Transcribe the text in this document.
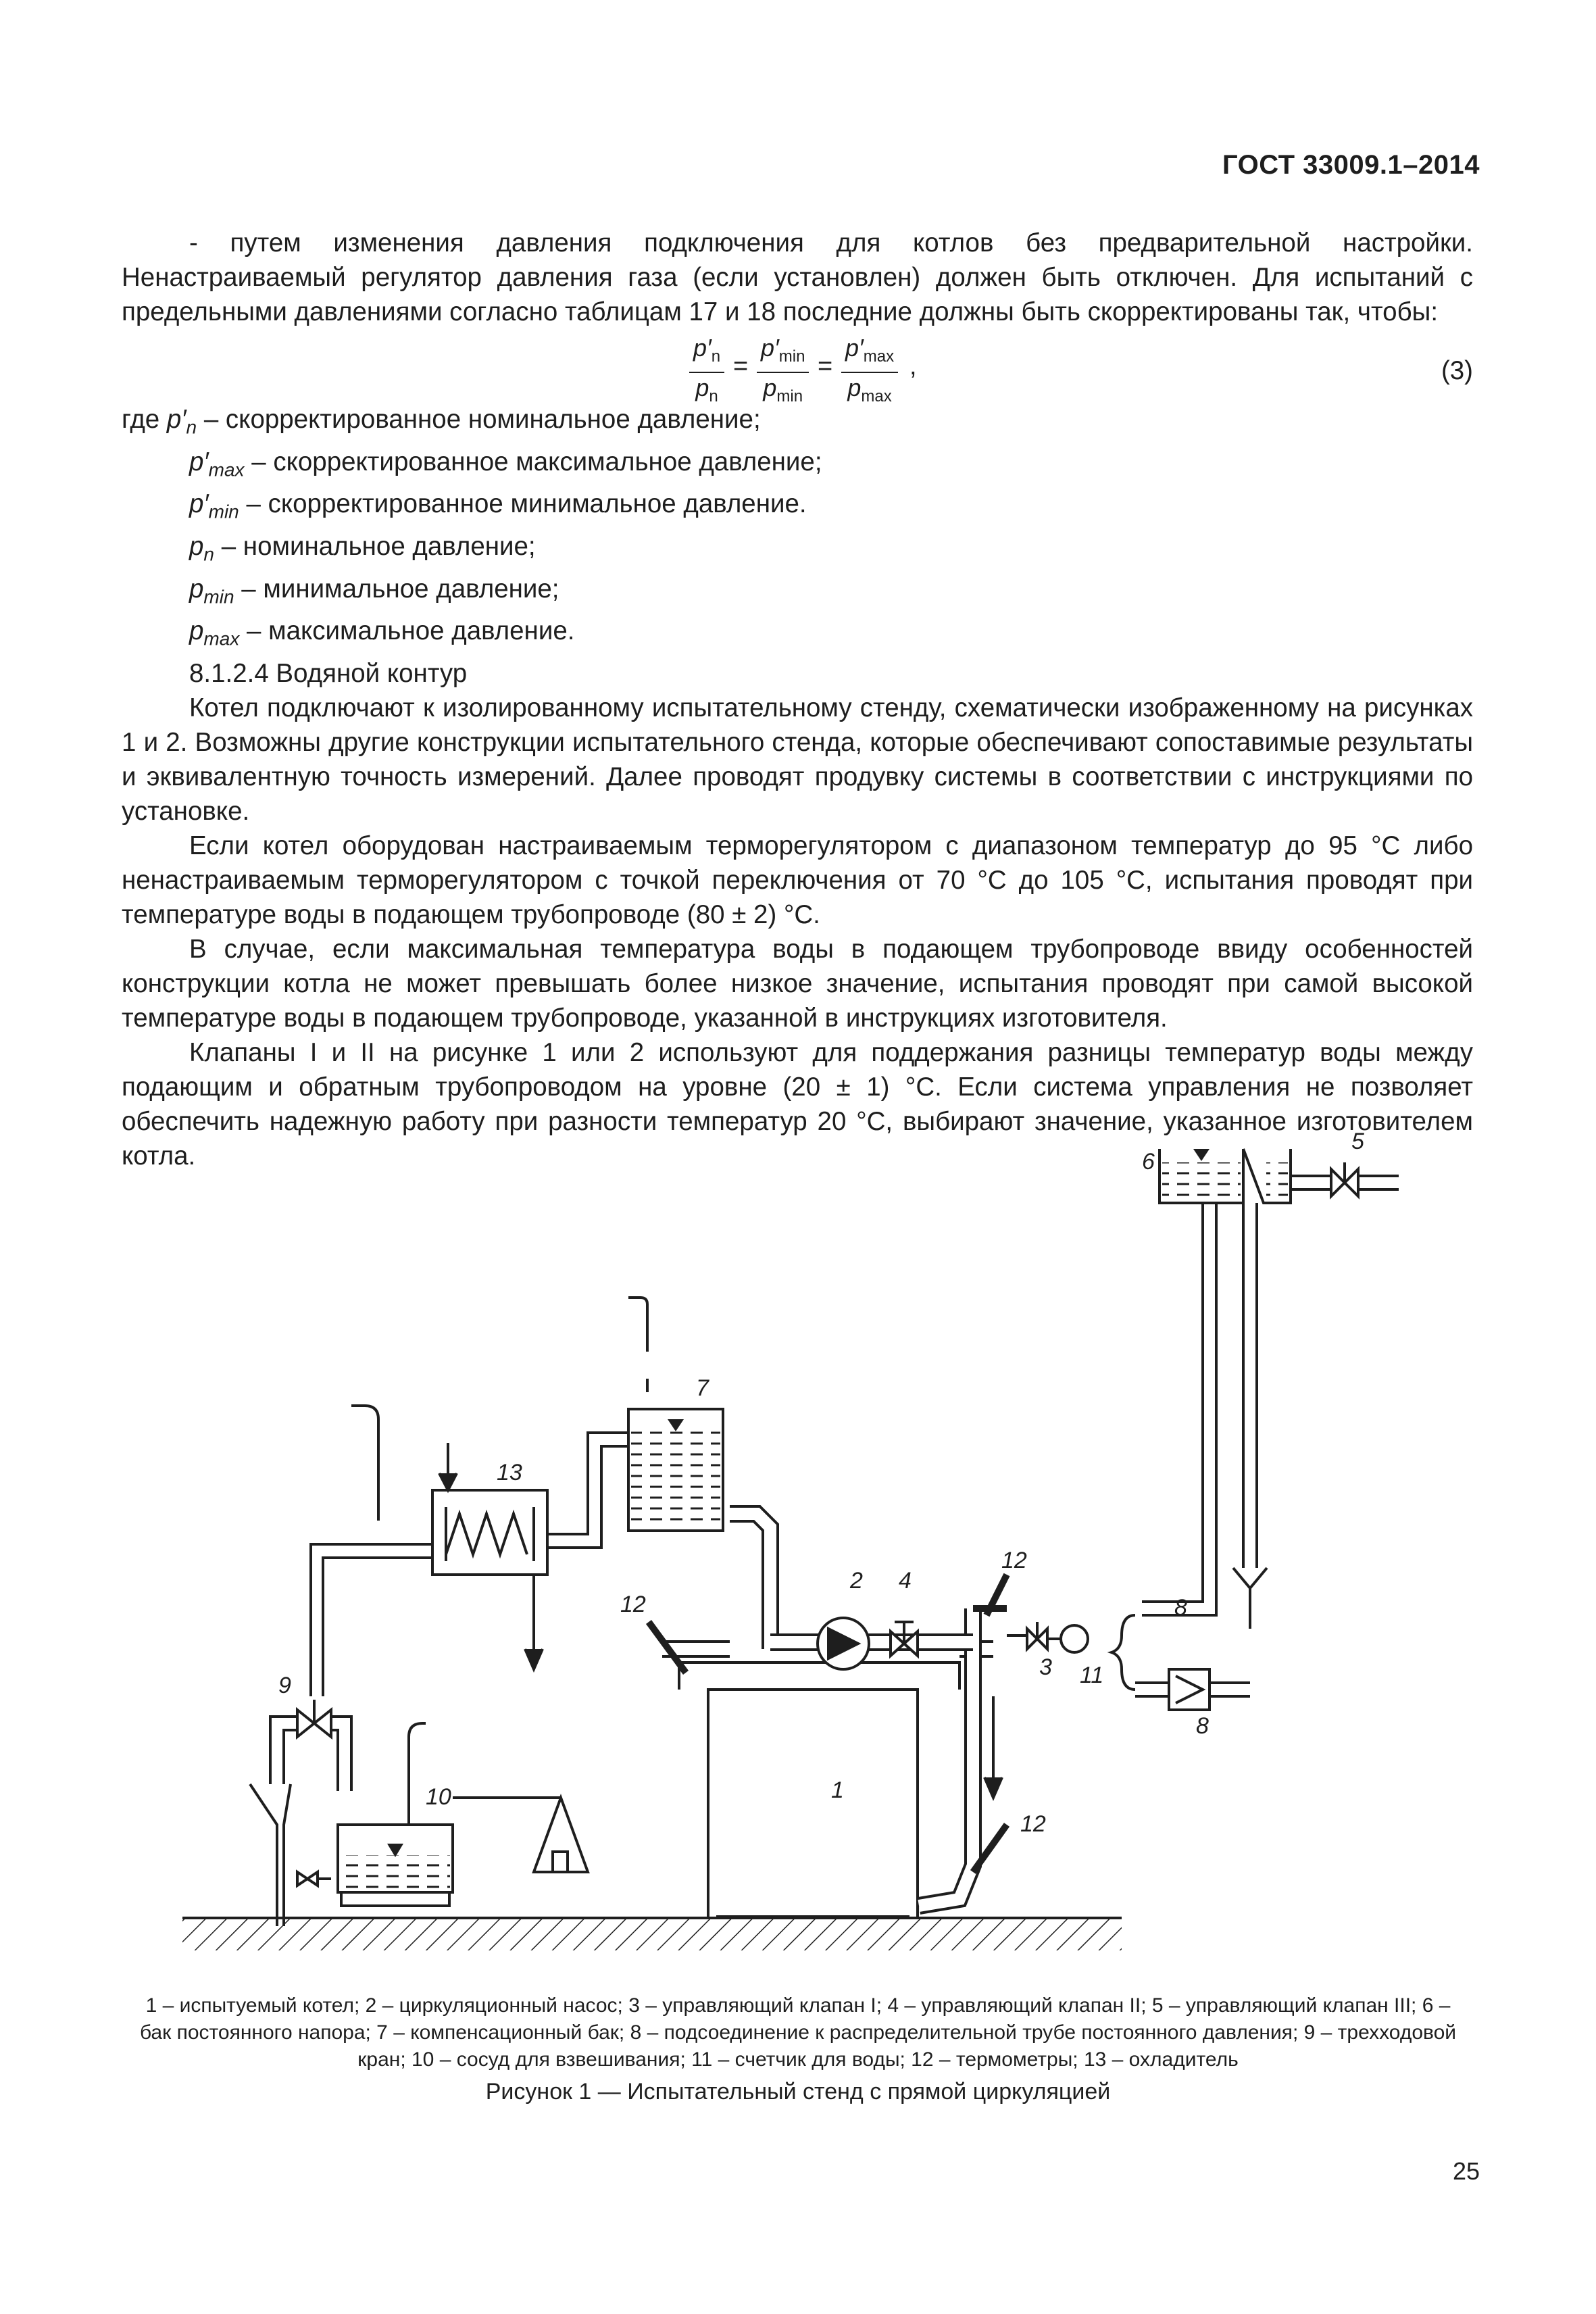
ГОСТ 33009.1–2014

- путем изменения давления подключения для котлов без предварительной настройки. Ненастраиваемый регулятор давления газа (если установлен) должен быть отключен. Для испытаний с предельными давлениями согласно таблицам 17 и 18 последние должны быть скорректированы так, чтобы:

$\frac{p'_n}{p_n}$ =
$p'_{min}$
$p_{min}$
=
$p'_{max}$
$p_{max}$
,	(3)
где $p'_n$ – скорректированное номинальное давление;
$p'_{max}$ – скорректированное максимальное давление;
$p'_{min}$ – скорректированное минимальное давление.
$p_n$ – номинальное давление;
$p_{min}$ – минимальное давление;
$p_{max}$ – максимальное давление.
8.1.2.4 Водяной контур

Котел подключают к изолированному испытательному стенду, схематически изображенному на рисунках 1 и 2. Возможны другие конструкции испытательного стенда, которые обеспечивают сопоставимые результаты и эквивалентную точность измерений. Далее проводят продувку системы в соответствии с инструкциями по установке.

Если котел оборудован настраиваемым терморегулятором с диапазоном температур до 95 °С либо ненастраиваемым терморегулятором с точкой переключения от 70 °С до 105 °С, испытания проводят при температуре воды в подающем трубопроводе (80 ± 2) °С.

В случае, если максимальная температура воды в подающем трубопроводе ввиду особенностей конструкции котла не может превышать более низкое значение, испытания проводят при самой высокой температуре воды в подающем трубопроводе, указанной в инструкциях изготовителя.

Клапаны I и II на рисунке 1 или 2 используют для поддержания разницы температур воды между подающим и обратным трубопроводом на уровне (20 ± 1) °С. Если система управления не позволяет обеспечить надежную работу при разности температур 20 °С, выбирают значение, указанное изготовителем котла.

1
2
3
4
5
6
7
8
8
9
10
11
12
12
12
13
1 – испытуемый котел; 2 – циркуляционный насос; 3 – управляющий клапан I; 4 – управляющий клапан II; 5 – управляющий клапан III; 6 – бак постоянного напора; 7 – компенсационный бак; 8 – подсоединение к распределительной трубе постоянного давления; 9 – трехходовой кран; 10 – сосуд для взвешивания; 11 – счетчик для воды; 12 – термометры; 13 – охладитель
Рисунок 1 — Испытательный стенд с прямой циркуляцией
25
